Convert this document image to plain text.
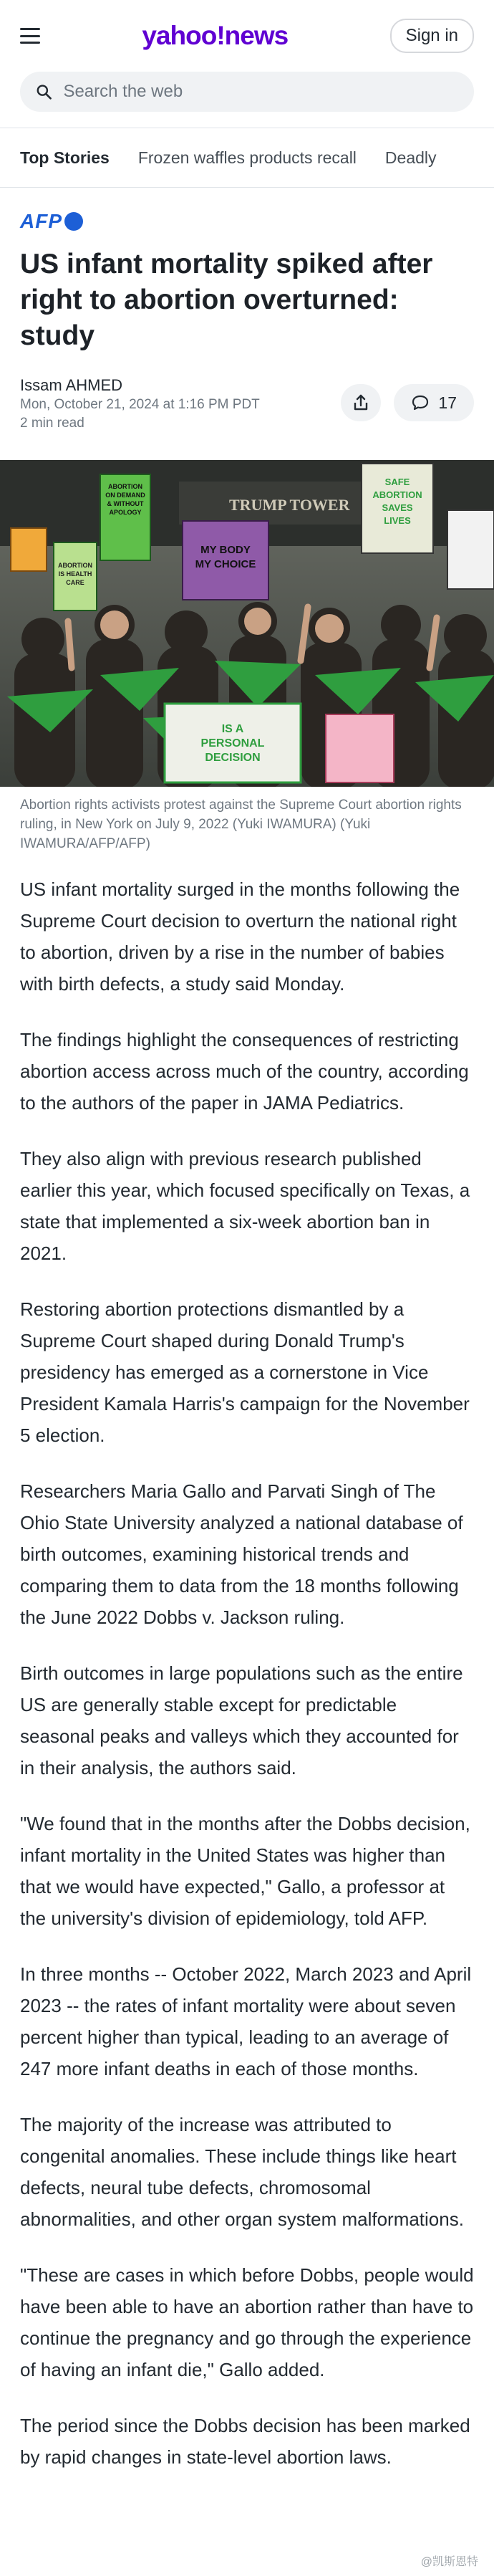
yahoo!news	Sign in
Search the web
Top Stories Frozen waffles products recall Deadly
AFP
US infant mortality spiked after right to abortion overturned: study
Issam AHMED
Mon, October 21, 2024 at 1:16 PM PDT
2 min read
17
TRUMP TOWER
ABORTION ON DEMAND & WITHOUT APOLOGY
MY BODY MY CHOICE
SAFE ABORTION SAVES LIVES
ABORTION IS HEALTH CARE
IS A PERSONAL DECISION

Abortion rights activists protest against the Supreme Court abortion rights ruling, in New York on July 9, 2022 (Yuki IWAMURA) (Yuki IWAMURA/AFP/AFP)

US infant mortality surged in the months following the Supreme Court decision to overturn the national right to abortion, driven by a rise in the number of babies with birth defects, a study said Monday.

The findings highlight the consequences of restricting abortion access across much of the country, according to the authors of the paper in JAMA Pediatrics.

They also align with previous research published earlier this year, which focused specifically on Texas, a state that implemented a six-week abortion ban in 2021.

Restoring abortion protections dismantled by a Supreme Court shaped during Donald Trump's presidency has emerged as a cornerstone in Vice President Kamala Harris's campaign for the November 5 election.

Researchers Maria Gallo and Parvati Singh of The Ohio State University analyzed a national database of birth outcomes, examining historical trends and comparing them to data from the 18 months following the June 2022 Dobbs v. Jackson ruling.

Birth outcomes in large populations such as the entire US are generally stable except for predictable seasonal peaks and valleys which they accounted for in their analysis, the authors said.

"We found that in the months after the Dobbs decision, infant mortality in the United States was higher than that we would have expected," Gallo, a professor at the university's division of epidemiology, told AFP.

In three months -- October 2022, March 2023 and April 2023 -- the rates of infant mortality were about seven percent higher than typical, leading to an average of 247 more infant deaths in each of those months.

The majority of the increase was attributed to congenital anomalies. These include things like heart defects, neural tube defects, chromosomal abnormalities, and other organ system malformations.

"These are cases in which before Dobbs, people would have been able to have an abortion rather than have to continue the pregnancy and go through the experience of having an infant die," Gallo added.

The period since the Dobbs decision has been marked by rapid changes in state-level abortion laws.

@凯斯恩特
